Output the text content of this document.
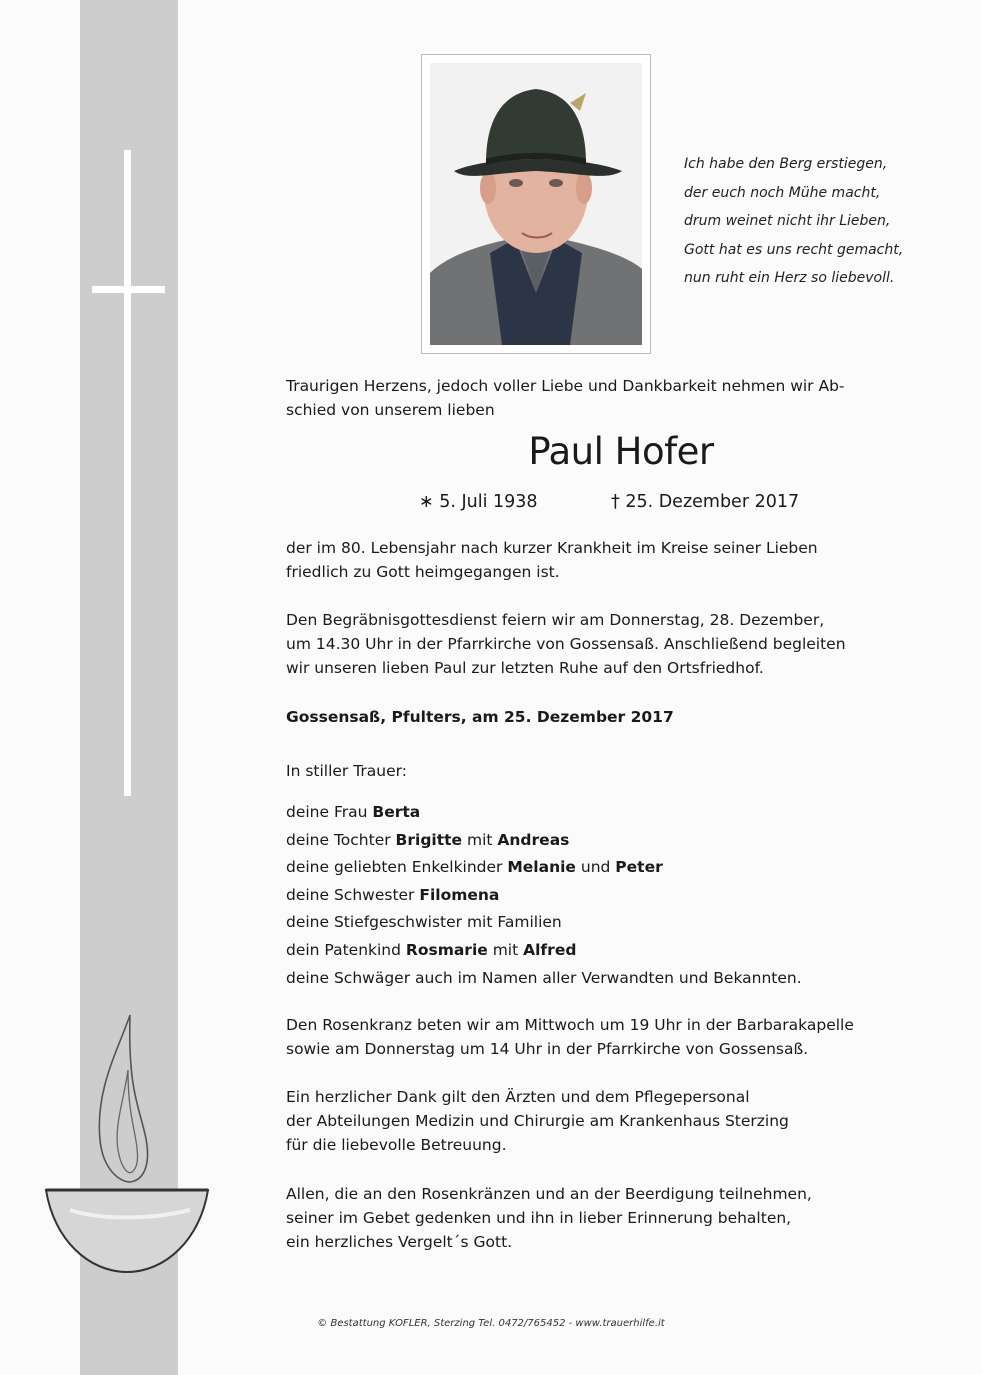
Ich habe den Berg erstiegen,
der euch noch Mühe macht,
drum weinet nicht ihr Lieben,
Gott hat es uns recht gemacht,
nun ruht ein Herz so liebevoll.
Traurigen Herzens, jedoch voller Liebe und Dankbarkeit nehmen wir Ab-
schied von unserem lieben
Paul Hofer
∗ 5. Juli 1938	† 25. Dezember 2017
der im 80. Lebensjahr nach kurzer Krankheit im Kreise seiner Lieben
friedlich zu Gott heimgegangen ist.
Den Begräbnisgottesdienst feiern wir am Donnerstag, 28. Dezember,
um 14.30 Uhr in der Pfarrkirche von Gossensaß. Anschließend begleiten
wir unseren lieben Paul zur letzten Ruhe auf den Ortsfriedhof.
Gossensaß, Pfulters, am 25. Dezember 2017
In stiller Trauer:
deine Frau Berta
deine Tochter Brigitte mit Andreas
deine geliebten Enkelkinder Melanie und Peter
deine Schwester Filomena
deine Stiefgeschwister mit Familien
dein Patenkind Rosmarie mit Alfred
deine Schwäger auch im Namen aller Verwandten und Bekannten.
Den Rosenkranz beten wir am Mittwoch um 19 Uhr in der Barbarakapelle
sowie am Donnerstag um 14 Uhr in der Pfarrkirche von Gossensaß.
Ein herzlicher Dank gilt den Ärzten und dem Pflegepersonal
der Abteilungen Medizin und Chirurgie am Krankenhaus Sterzing
für die liebevolle Betreuung.
Allen, die an den Rosenkränzen und an der Beerdigung teilnehmen,
seiner im Gebet gedenken und ihn in lieber Erinnerung behalten,
ein herzliches Vergelt´s Gott.
© Bestattung KOFLER, Sterzing Tel. 0472/765452 - www.trauerhilfe.it
